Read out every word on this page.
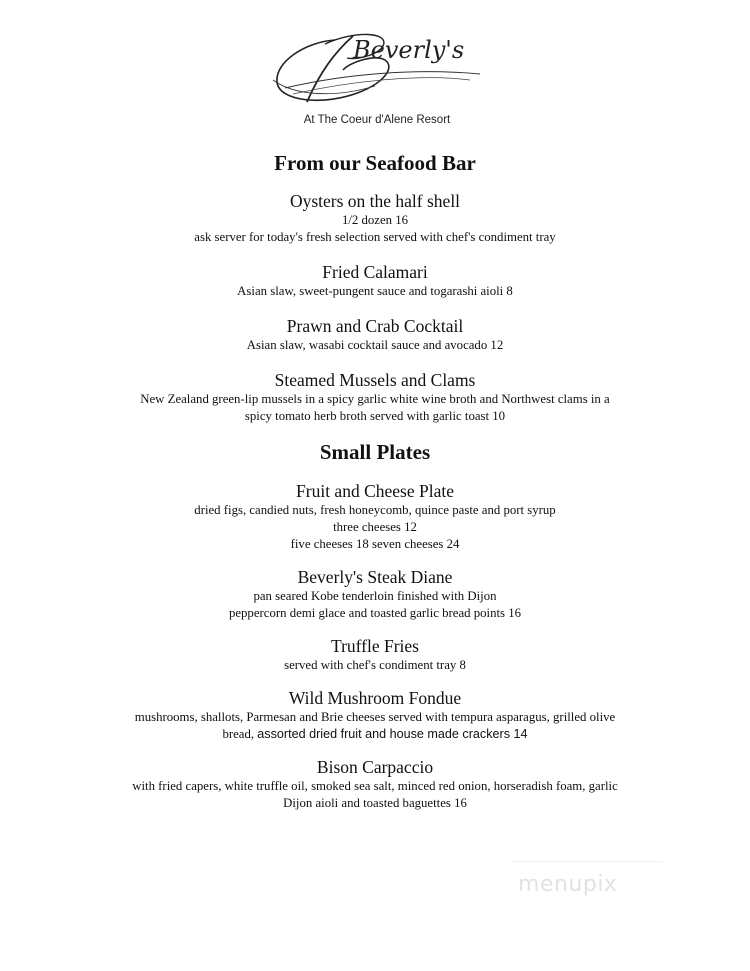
Beverly's
At The Coeur d'Alene Resort
From our Seafood Bar

Oysters on the half shell

1/2 dozen 16

ask server for today's fresh selection served with chef's condiment tray

Fried Calamari

Asian slaw, sweet-pungent sauce and togarashi aioli 8

Prawn and Crab Cocktail

Asian slaw, wasabi cocktail sauce and avocado 12

Steamed Mussels and Clams

New Zealand green-lip mussels in a spicy garlic white wine broth and Northwest clams in a

spicy tomato herb broth served with garlic toast 10

Small Plates

Fruit and Cheese Plate

dried figs, candied nuts, fresh honeycomb, quince paste and port syrup

three cheeses 12

five cheeses 18 seven cheeses 24

Beverly's Steak Diane

pan seared Kobe tenderloin finished with Dijon

peppercorn demi glace and toasted garlic bread points 16

Truffle Fries

served with chef's condiment tray 8

Wild Mushroom Fondue

mushrooms, shallots, Parmesan and Brie cheeses served with tempura asparagus, grilled olive

bread, assorted dried fruit and house made crackers 14

Bison Carpaccio

with fried capers, white truffle oil, smoked sea salt, minced red onion, horseradish foam, garlic

Dijon aioli and toasted baguettes 16

menupix
